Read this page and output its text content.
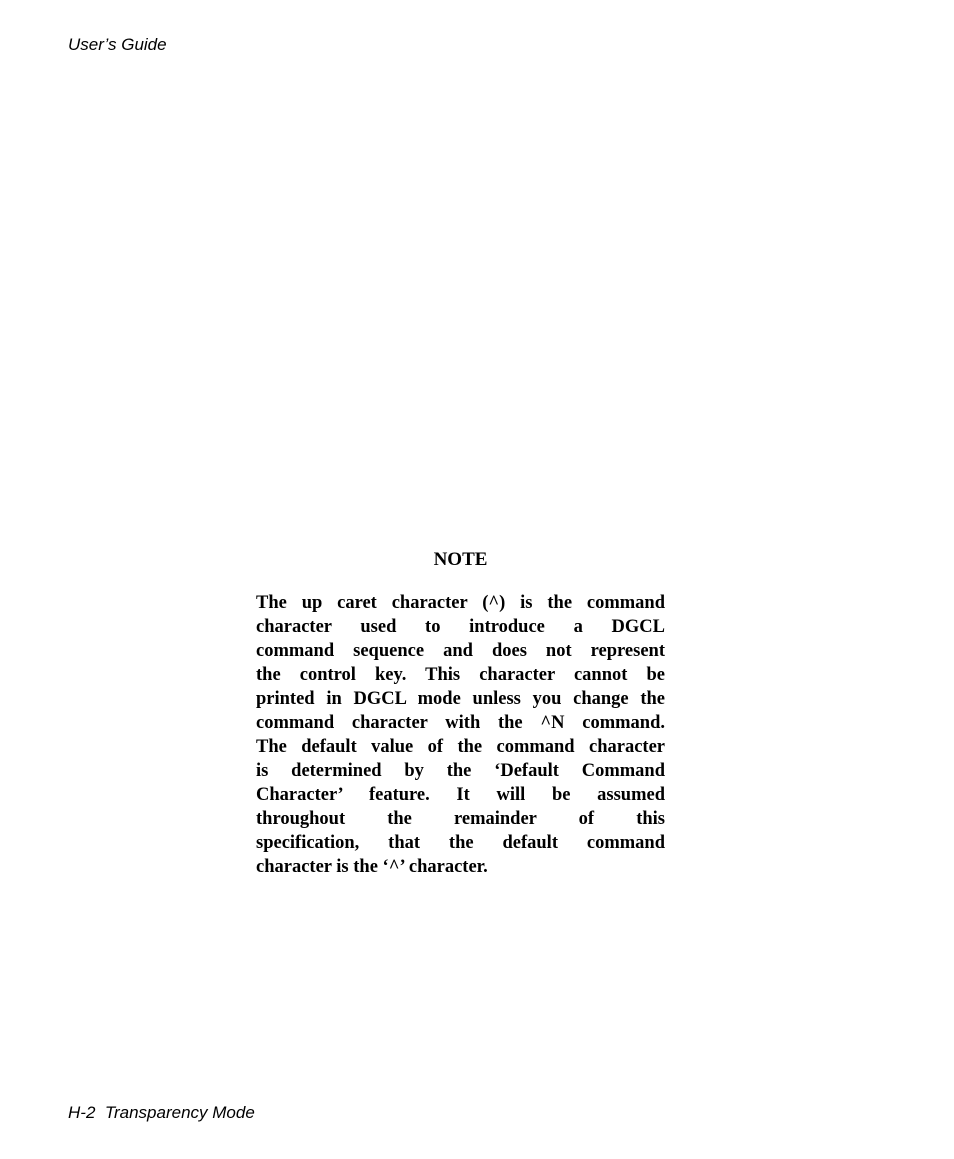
User’s Guide
NOTE
The up caret character (^) is the command
character used to introduce a DGCL
command sequence and does not represent
the control key. This character cannot be
printed in DGCL mode unless you change the
command character with the ^N command.
The default value of the command character
is determined by the ‘Default Command
Character’ feature. It will be assumed
throughout the remainder of this
specification, that the default command
character is the ‘^’ character.
H-2 Transparency Mode
